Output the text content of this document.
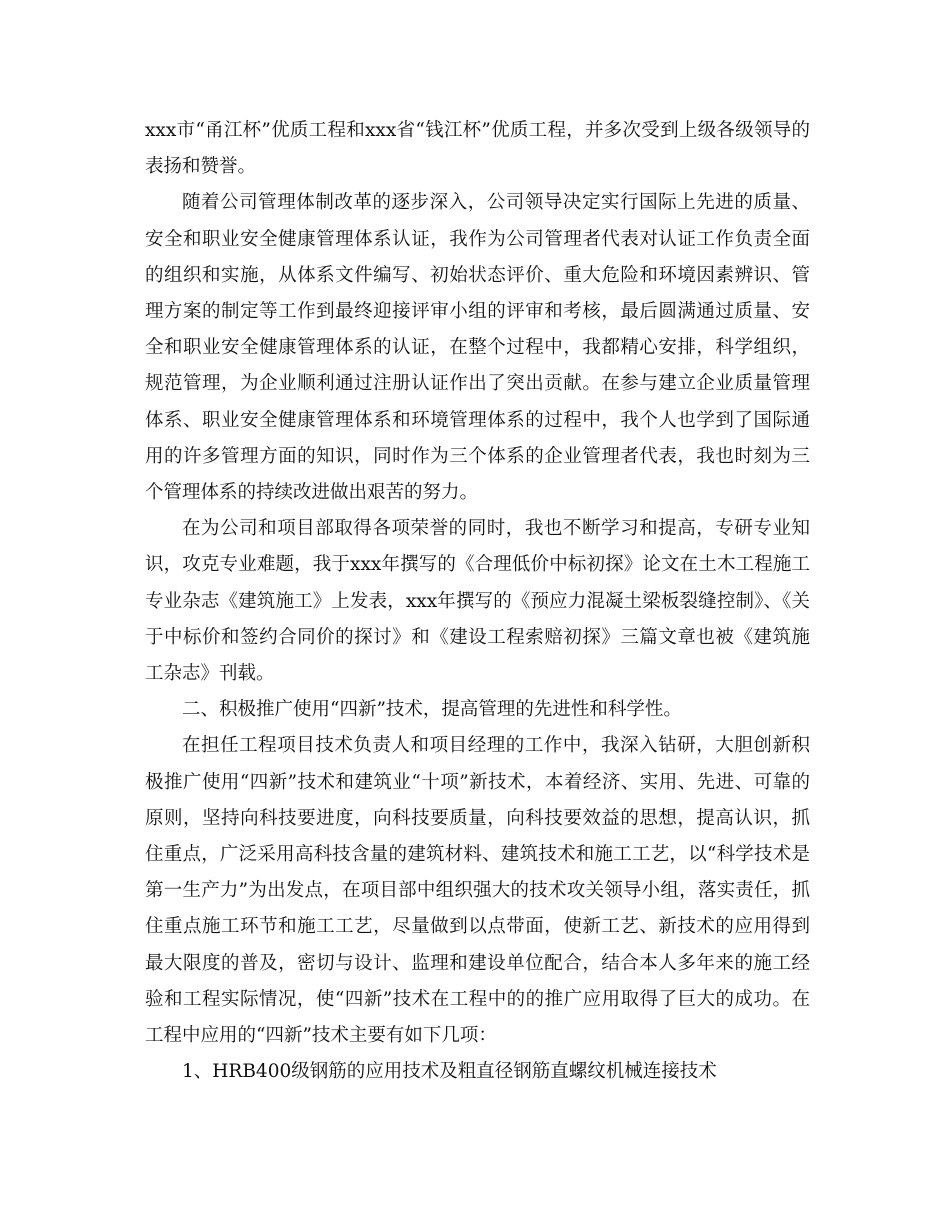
xxx市“甬江杯”优质工程和xxx省“钱江杯”优质工程，并多次受到上级各级领导的表扬和赞誉。

随着公司管理体制改革的逐步深入，公司领导决定实行国际上先进的质量、安全和职业安全健康管理体系认证，我作为公司管理者代表对认证工作负责全面的组织和实施，从体系文件编写、初始状态评价、重大危险和环境因素辨识、管理方案的制定等工作到最终迎接评审小组的评审和考核，最后圆满通过质量、安全和职业安全健康管理体系的认证，在整个过程中，我都精心安排，科学组织，规范管理，为企业顺利通过注册认证作出了突出贡献。在参与建立企业质量管理体系、职业安全健康管理体系和环境管理体系的过程中，我个人也学到了国际通用的许多管理方面的知识，同时作为三个体系的企业管理者代表，我也时刻为三个管理体系的持续改进做出艰苦的努力。

在为公司和项目部取得各项荣誉的同时，我也不断学习和提高，专研专业知识，攻克专业难题，我于xxx年撰写的《合理低价中标初探》论文在土木工程施工专业杂志《建筑施工》上发表，xxx年撰写的《预应力混凝土梁板裂缝控制》、《关于中标价和签约合同价的探讨》和《建设工程索赔初探》三篇文章也被《建筑施工杂志》刊载。

二、积极推广使用“四新”技术，提高管理的先进性和科学性。

在担任工程项目技术负责人和项目经理的工作中，我深入钻研，大胆创新积极推广使用“四新”技术和建筑业“十项”新技术，本着经济、实用、先进、可靠的原则，坚持向科技要进度，向科技要质量，向科技要效益的思想，提高认识，抓住重点，广泛采用高科技含量的建筑材料、建筑技术和施工工艺，以“科学技术是第一生产力”为出发点，在项目部中组织强大的技术攻关领导小组，落实责任，抓住重点施工环节和施工工艺，尽量做到以点带面，使新工艺、新技术的应用得到最大限度的普及，密切与设计、监理和建设单位配合，结合本人多年来的施工经验和工程实际情况，使“四新”技术在工程中的的推广应用取得了巨大的成功。在工程中应用的“四新”技术主要有如下几项：

1、HRB400级钢筋的应用技术及粗直径钢筋直螺纹机械连接技术
